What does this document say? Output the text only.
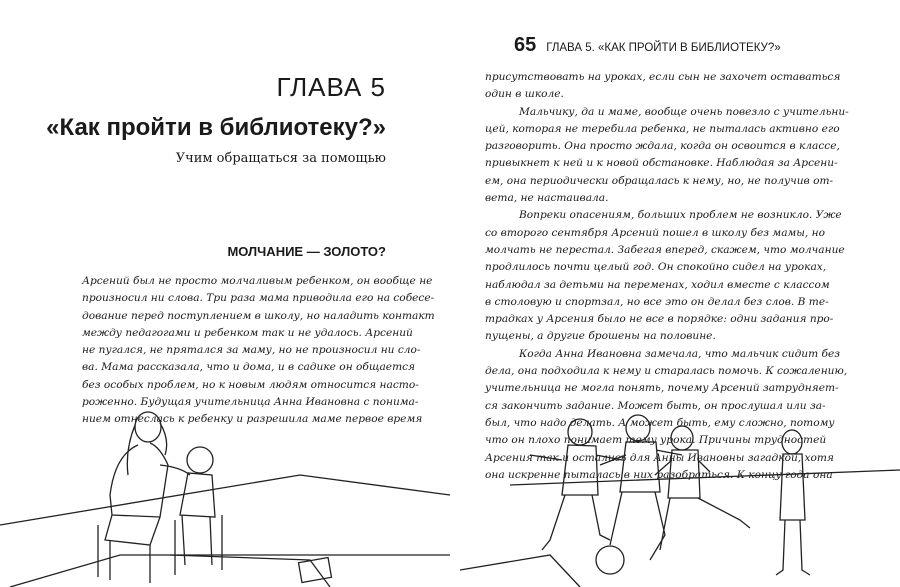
ГЛАВА 5
«Как пройти в библиотеку?»
Учим обращаться за помощью
МОЛЧАНИЕ — ЗОЛОТО?
Арсений был не просто молчаливым ребенком, он вообще не
произносил ни слова. Три раза мама приводила его на собесе-
дование перед поступлением в школу, но наладить контакт
между педагогами и ребенком так и не удалось. Арсений
не пугался, не прятался за маму, но не произносил ни сло-
ва. Мама рассказала, что и дома, и в садике он общается
без особых проблем, но к новым людям относится насто-
роженно. Будущая учительница Анна Ивановна с понима-
нием отнеслась к ребенку и разрешила маме первое время
65 ГЛАВА 5. «КАК ПРОЙТИ В БИБЛИОТЕКУ?»
присутствовать на уроках, если сын не захочет оставаться
один в школе.
Мальчику, да и маме, вообще очень повезло с учительни-
цей, которая не теребила ребенка, не пыталась активно его
разговорить. Она просто ждала, когда он освоится в классе,
привыкнет к ней и к новой обстановке. Наблюдая за Арсени-
ем, она периодически обращалась к нему, но, не получив от-
вета, не настаивала.
Вопреки опасениям, больших проблем не возникло. Уже
со второго сентября Арсений пошел в школу без мамы, но
молчать не перестал. Забегая вперед, скажем, что молчание
продлилось почти целый год. Он спокойно сидел на уроках,
наблюдал за детьми на переменах, ходил вместе с классом
в столовую и спортзал, но все это он делал без слов. В те-
традках у Арсения было не все в порядке: одни задания про-
пущены, а другие брошены на половине.
Когда Анна Ивановна замечала, что мальчик сидит без
дела, она подходила к нему и старалась помочь. К сожалению,
учительница не могла понять, почему Арсений затрудняет-
ся закончить задание. Может быть, он прослушал или за-
был, что надо делать. А может быть, ему сложно, потому
что он плохо понимает тему урока. Причины трудностей
Арсения так и остались для Анны Ивановны загадкой, хотя
она искренне пыталась в них разобраться. К концу года она
